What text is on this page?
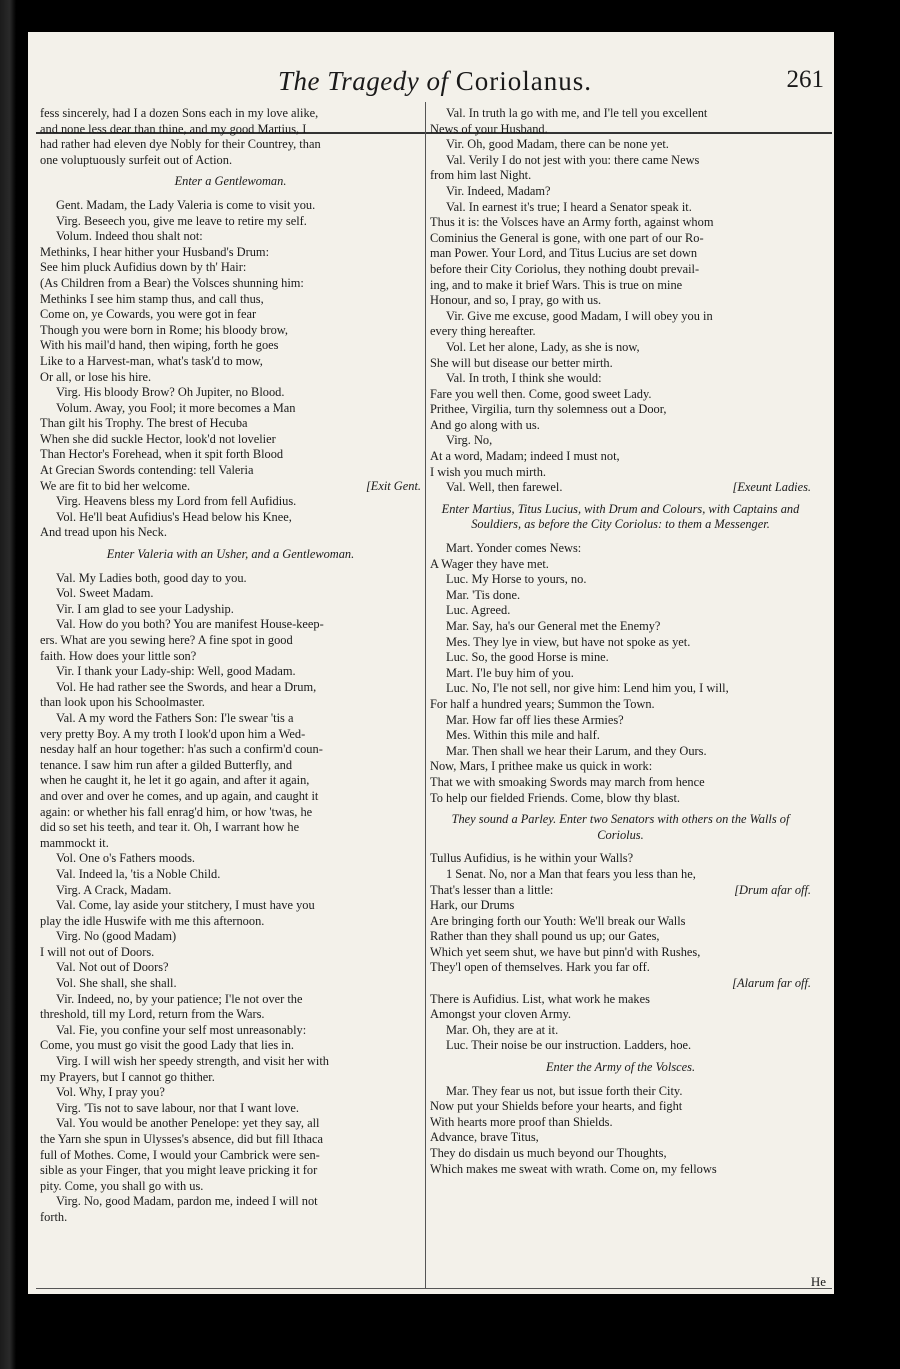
The Tragedy of Coriolanus.	261
fess sincerely, had I a dozen Sons each in my love alike,
and none less dear than thine, and my good Martius, I
had rather had eleven dye Nobly for their Countrey, than
one voluptuously surfeit out of Action.
Enter a Gentlewoman.
Gent. Madam, the Lady Valeria is come to visit you.
Virg. Beseech you, give me leave to retire my self.
Volum. Indeed thou shalt not:
Methinks, I hear hither your Husband's Drum:
See him pluck Aufidius down by th' Hair:
(As Children from a Bear) the Volsces shunning him:
Methinks I see him stamp thus, and call thus,
Come on, ye Cowards, you were got in fear
Though you were born in Rome; his bloody brow,
With his mail'd hand, then wiping, forth he goes
Like to a Harvest-man, what's task'd to mow,
Or all, or lose his hire.
Virg. His bloody Brow? Oh Jupiter, no Blood.
Volum. Away, you Fool; it more becomes a Man
Than gilt his Trophy. The brest of Hecuba
When she did suckle Hector, look'd not lovelier
Than Hector's Forehead, when it spit forth Blood
At Grecian Swords contending: tell Valeria
We are fit to bid her welcome.	[Exit Gent.
Virg. Heavens bless my Lord from fell Aufidius.
Vol. He'll beat Aufidius's Head below his Knee,
And tread upon his Neck.
Enter Valeria with an Usher, and a Gentlewoman.
Val. My Ladies both, good day to you.
Vol. Sweet Madam.
Vir. I am glad to see your Ladyship.
Val. How do you both? You are manifest House-keep-
ers. What are you sewing here? A fine spot in good
faith. How does your little son?
Vir. I thank your Lady-ship: Well, good Madam.
Vol. He had rather see the Swords, and hear a Drum,
than look upon his Schoolmaster.
Val. A my word the Fathers Son: I'le swear 'tis a
very pretty Boy. A my troth I look'd upon him a Wed-
nesday half an hour together: h'as such a confirm'd coun-
tenance. I saw him run after a gilded Butterfly, and
when he caught it, he let it go again, and after it again,
and over and over he comes, and up again, and caught it
again: or whether his fall enrag'd him, or how 'twas, he
did so set his teeth, and tear it. Oh, I warrant how he
mammockt it.
Vol. One o's Fathers moods.
Val. Indeed la, 'tis a Noble Child.
Virg. A Crack, Madam.
Val. Come, lay aside your stitchery, I must have you
play the idle Huswife with me this afternoon.
Virg. No (good Madam)
I will not out of Doors.
Val. Not out of Doors?
Vol. She shall, she shall.
Vir. Indeed, no, by your patience; I'le not over the
threshold, till my Lord, return from the Wars.
Val. Fie, you confine your self most unreasonably:
Come, you must go visit the good Lady that lies in.
Virg. I will wish her speedy strength, and visit her with
my Prayers, but I cannot go thither.
Vol. Why, I pray you?
Virg. 'Tis not to save labour, nor that I want love.
Val. You would be another Penelope: yet they say, all
the Yarn she spun in Ulysses's absence, did but fill Ithaca
full of Mothes. Come, I would your Cambrick were sen-
sible as your Finger, that you might leave pricking it for
pity. Come, you shall go with us.
Virg. No, good Madam, pardon me, indeed I will not
forth.
Val. In truth la go with me, and I'le tell you excellent
News of your Husband.
Vir. Oh, good Madam, there can be none yet.
Val. Verily I do not jest with you: there came News
from him last Night.
Vir. Indeed, Madam?
Val. In earnest it's true; I heard a Senator speak it.
Thus it is: the Volsces have an Army forth, against whom
Cominius the General is gone, with one part of our Ro-
man Power. Your Lord, and Titus Lucius are set down
before their City Coriolus, they nothing doubt prevail-
ing, and to make it brief Wars. This is true on mine
Honour, and so, I pray, go with us.
Vir. Give me excuse, good Madam, I will obey you in
every thing hereafter.
Vol. Let her alone, Lady, as she is now,
She will but disease our better mirth.
Val. In troth, I think she would:
Fare you well then. Come, good sweet Lady.
Prithee, Virgilia, turn thy solemness out a Door,
And go along with us.
Virg. No,
At a word, Madam; indeed I must not,
I wish you much mirth.
Val. Well, then farewel.	[Exeunt Ladies.
Enter Martius, Titus Lucius, with Drum and Colours, with Captains and Souldiers, as before the City Coriolus: to them a Messenger.
Mart. Yonder comes News:
A Wager they have met.
Luc. My Horse to yours, no.
Mar. 'Tis done.
Luc. Agreed.
Mar. Say, ha's our General met the Enemy?
Mes. They lye in view, but have not spoke as yet.
Luc. So, the good Horse is mine.
Mart. I'le buy him of you.
Luc. No, I'le not sell, nor give him: Lend him you, I will,
For half a hundred years; Summon the Town.
Mar. How far off lies these Armies?
Mes. Within this mile and half.
Mar. Then shall we hear their Larum, and they Ours.
Now, Mars, I prithee make us quick in work:
That we with smoaking Swords may march from hence
To help our fielded Friends. Come, blow thy blast.
They sound a Parley. Enter two Senators with others on the Walls of Coriolus.
Tullus Aufidius, is he within your Walls?
1 Senat. No, nor a Man that fears you less than he,
That's lesser than a little:	[Drum afar off.
Hark, our Drums
Are bringing forth our Youth: We'll break our Walls
Rather than they shall pound us up; our Gates,
Which yet seem shut, we have but pinn'd with Rushes,
They'l open of themselves. Hark you far off.
[Alarum far off.
There is Aufidius. List, what work he makes
Amongst your cloven Army.
Mar. Oh, they are at it.
Luc. Their noise be our instruction. Ladders, hoe.
Enter the Army of the Volsces.
Mar. They fear us not, but issue forth their City.
Now put your Shields before your hearts, and fight
With hearts more proof than Shields.
Advance, brave Titus,
They do disdain us much beyond our Thoughts,
Which makes me sweat with wrath. Come on, my fellows
He
